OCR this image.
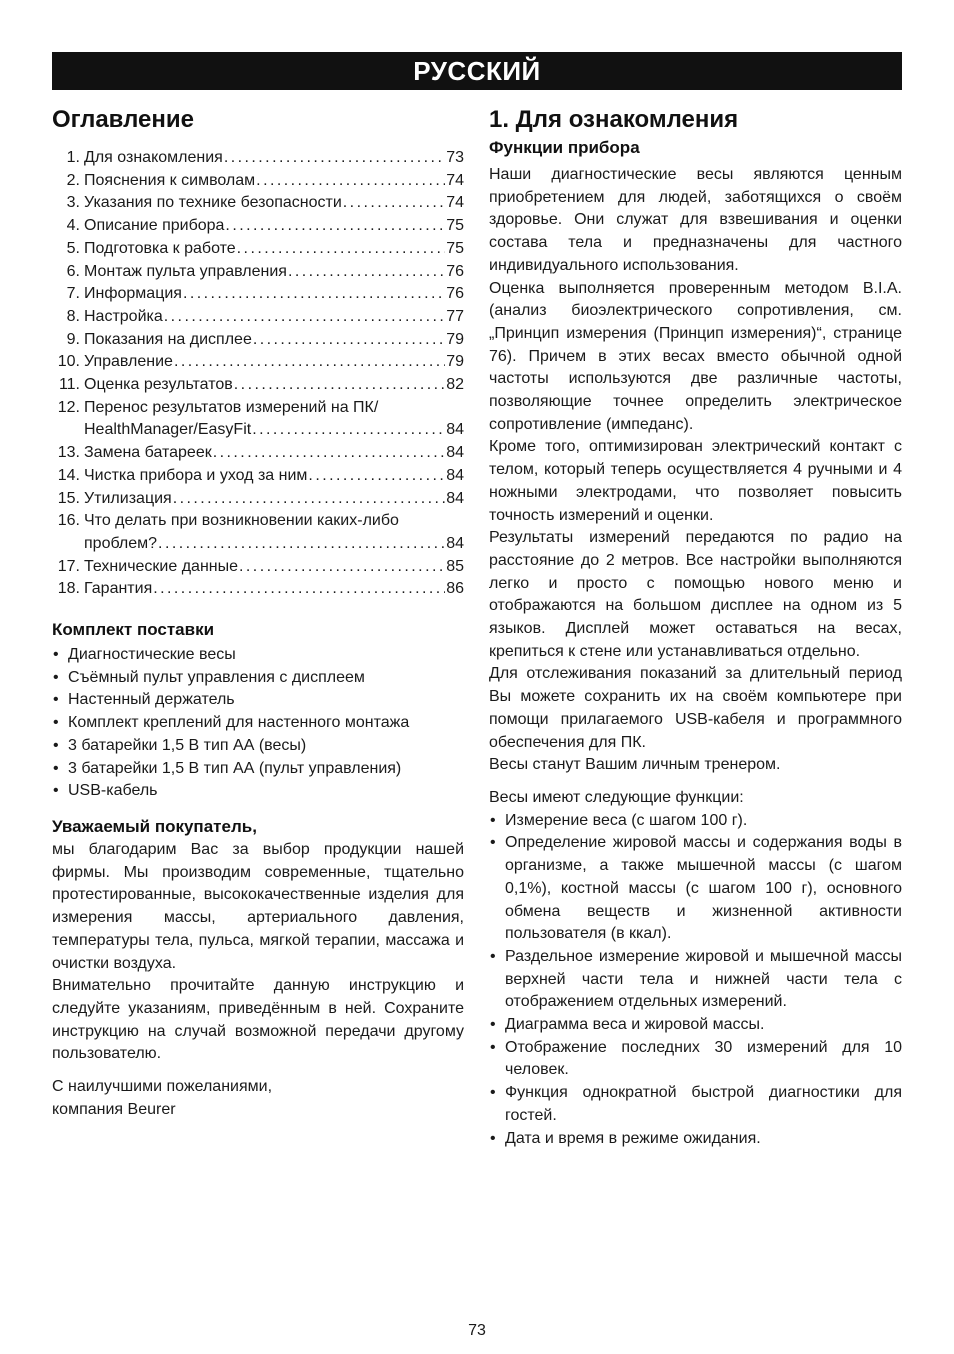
РУССКИЙ
Оглавление
1. Для ознакомления . . .	73
2. Пояснения к символам . . .	74
3. Указания по технике безопасности . . .	74
4. Описание прибора . . .	75
5. Подготовка к работе . . .	75
6. Монтаж пульта управления . . .	76
7. Информация . . .	76
8. Настройка . . .	77
9. Показания на дисплее . . .	79
10. Управление . . .	79
11. Оценка результатов . . .	82
12. Перенос результатов измерений на ПК/
HealthManager/EasyFit . . .	84
13. Замена батареек . . .	84
14. Чистка прибора и уход за ним . . .	84
15. Утилизация . . .	84
16. Что делать при возникновении каких-либо
проблем? . . .	84
17. Технические данные . . .	85
18. Гарантия . . .	86
Комплект поставки
• Диагностические весы
• Съёмный пульт управления с дисплеем
• Настенный держатель
• Комплект креплений для настенного монтажа
• 3 батарейки 1,5 В тип АА (весы)
• 3 батарейки 1,5 В тип АА (пульт управления)
• USB-кабель
Уважаемый покупатель,

мы благодарим Вас за выбор продукции нашей фирмы. Мы производим современные, тщательно протестированные, высококачественные изделия для измерения массы, артериального давления, температуры тела, пульса, мягкой терапии, массажа и очистки воздуха.

Внимательно прочитайте данную инструкцию и следуйте указаниям, приведённым в ней. Сохраните инструкцию на случай возможной передачи другому пользователю.

С наилучшими пожеланиями,

компания Beurer

1. Для ознакомления
Функции прибора

Наши диагностические весы являются ценным приобретением для людей, заботящихся о своём здоровье. Они служат для взвешивания и оценки состава тела и предназначены для частного индивидуального использования.

Оценка выполняется проверенным методом B.I.A. (анализ биоэлектрического сопротивления, см. „Принцип измерения (Принцип измерения)“, странице 76). Причем в этих весах вместо обычной одной частоты используются две различные частоты, позволяющие точнее определить электрическое сопротивление (импеданс).

Кроме того, оптимизирован электрический контакт с телом, который теперь осуществляется 4 ручными и 4 ножными электродами, что позволяет повысить точность измерений и оценки.

Результаты измерений передаются по радио на расстояние до 2 метров. Все настройки выполняются легко и просто с помощью нового меню и отображаются на большом дисплее на одном из 5 языков. Дисплей может оставаться на весах, крепиться к стене или устанавливаться отдельно.

Для отслеживания показаний за длительный период Вы можете сохранить их на своём компьютере при помощи прилагаемого USB-кабеля и программного обеспечения для ПК.

Весы станут Вашим личным тренером.

Весы имеют следующие функции:

• Измерение веса (с шагом 100 г).
• Определение жировой массы и содержания воды в организме, а также мышечной массы (с шагом 0,1%), костной массы (с шагом 100 г), основного обмена веществ и жизненной активности пользователя (в ккал).
• Раздельное измерение жировой и мышечной массы верхней части тела и нижней части тела с отображением отдельных измерений.
• Диаграмма веса и жировой массы.
• Отображение последних 30 измерений для 10 человек.
• Функция однократной быстрой диагностики для гостей.
• Дата и время в режиме ожидания.
73
